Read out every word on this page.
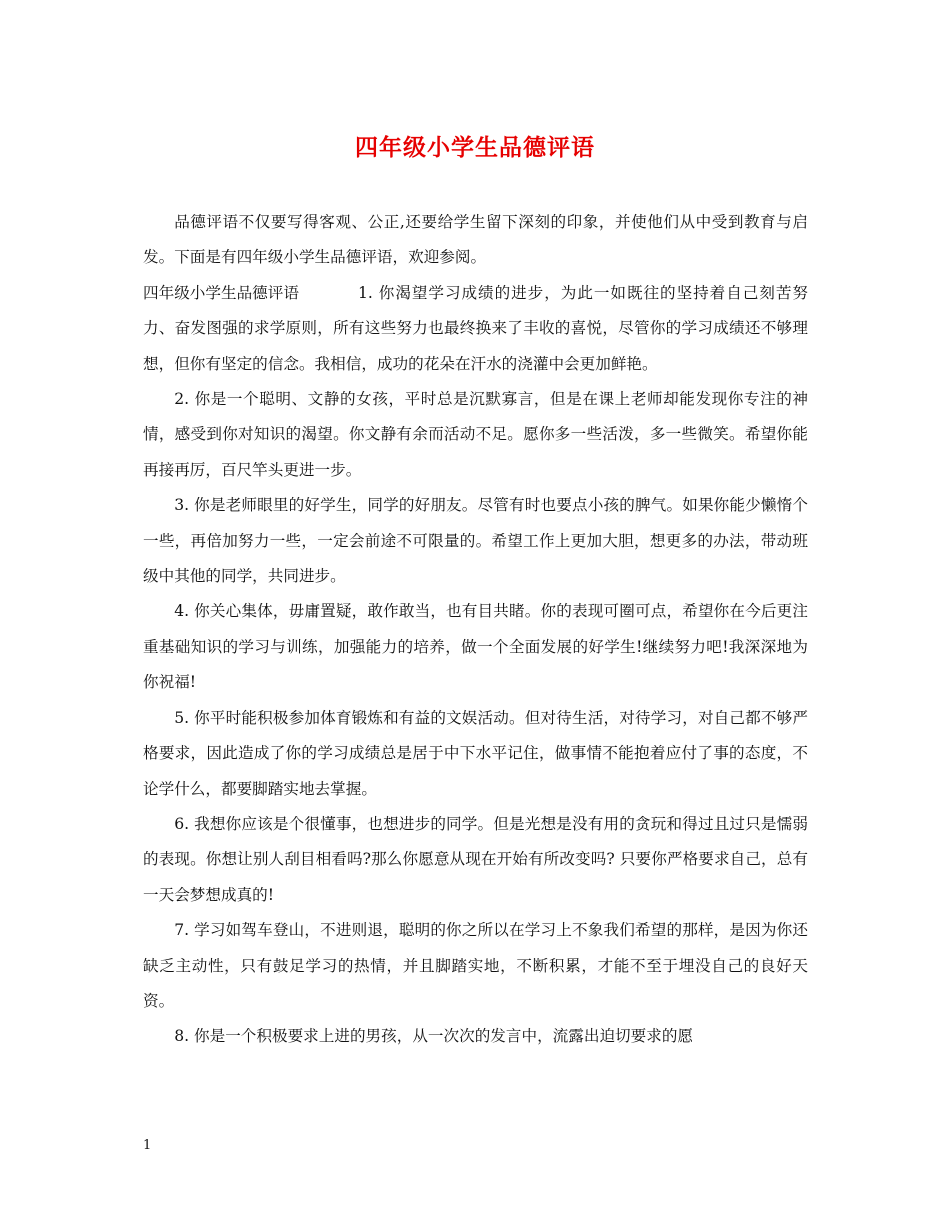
四年级小学生品德评语

品德评语不仅要写得客观、公正,还要给学生留下深刻的印象，并使他们从中受到教育与启发。下面是有四年级小学生品德评语，欢迎参阅。

四年级小学生品德评语	1. 你渴望学习成绩的进步，为此一如既往的坚持着自己刻苦努力、奋发图强的求学原则，所有这些努力也最终换来了丰收的喜悦，尽管你的学习成绩还不够理想，但你有坚定的信念。我相信，成功的花朵在汗水的浇灌中会更加鲜艳。

2. 你是一个聪明、文静的女孩，平时总是沉默寡言，但是在课上老师却能发现你专注的神情，感受到你对知识的渴望。你文静有余而活动不足。愿你多一些活泼，多一些微笑。希望你能再接再厉，百尺竿头更进一步。

3. 你是老师眼里的好学生，同学的好朋友。尽管有时也要点小孩的脾气。如果你能少懒惰个一些，再倍加努力一些，一定会前途不可限量的。希望工作上更加大胆，想更多的办法，带动班级中其他的同学，共同进步。

4. 你关心集体，毋庸置疑，敢作敢当，也有目共睹。你的表现可圈可点，希望你在今后更注重基础知识的学习与训练，加强能力的培养，做一个全面发展的好学生!继续努力吧!我深深地为你祝福!

5. 你平时能积极参加体育锻炼和有益的文娱活动。但对待生活，对待学习，对自己都不够严格要求，因此造成了你的学习成绩总是居于中下水平记住，做事情不能抱着应付了事的态度，不论学什么，都要脚踏实地去掌握。

6. 我想你应该是个很懂事，也想进步的同学。但是光想是没有用的贪玩和得过且过只是懦弱的表现。你想让别人刮目相看吗?那么你愿意从现在开始有所改变吗? 只要你严格要求自己，总有一天会梦想成真的!

7. 学习如驾车登山，不进则退，聪明的你之所以在学习上不象我们希望的那样，是因为你还缺乏主动性，只有鼓足学习的热情，并且脚踏实地，不断积累，才能不至于埋没自己的良好天资。

8. 你是一个积极要求上进的男孩，从一次次的发言中，流露出迫切要求的愿

1
